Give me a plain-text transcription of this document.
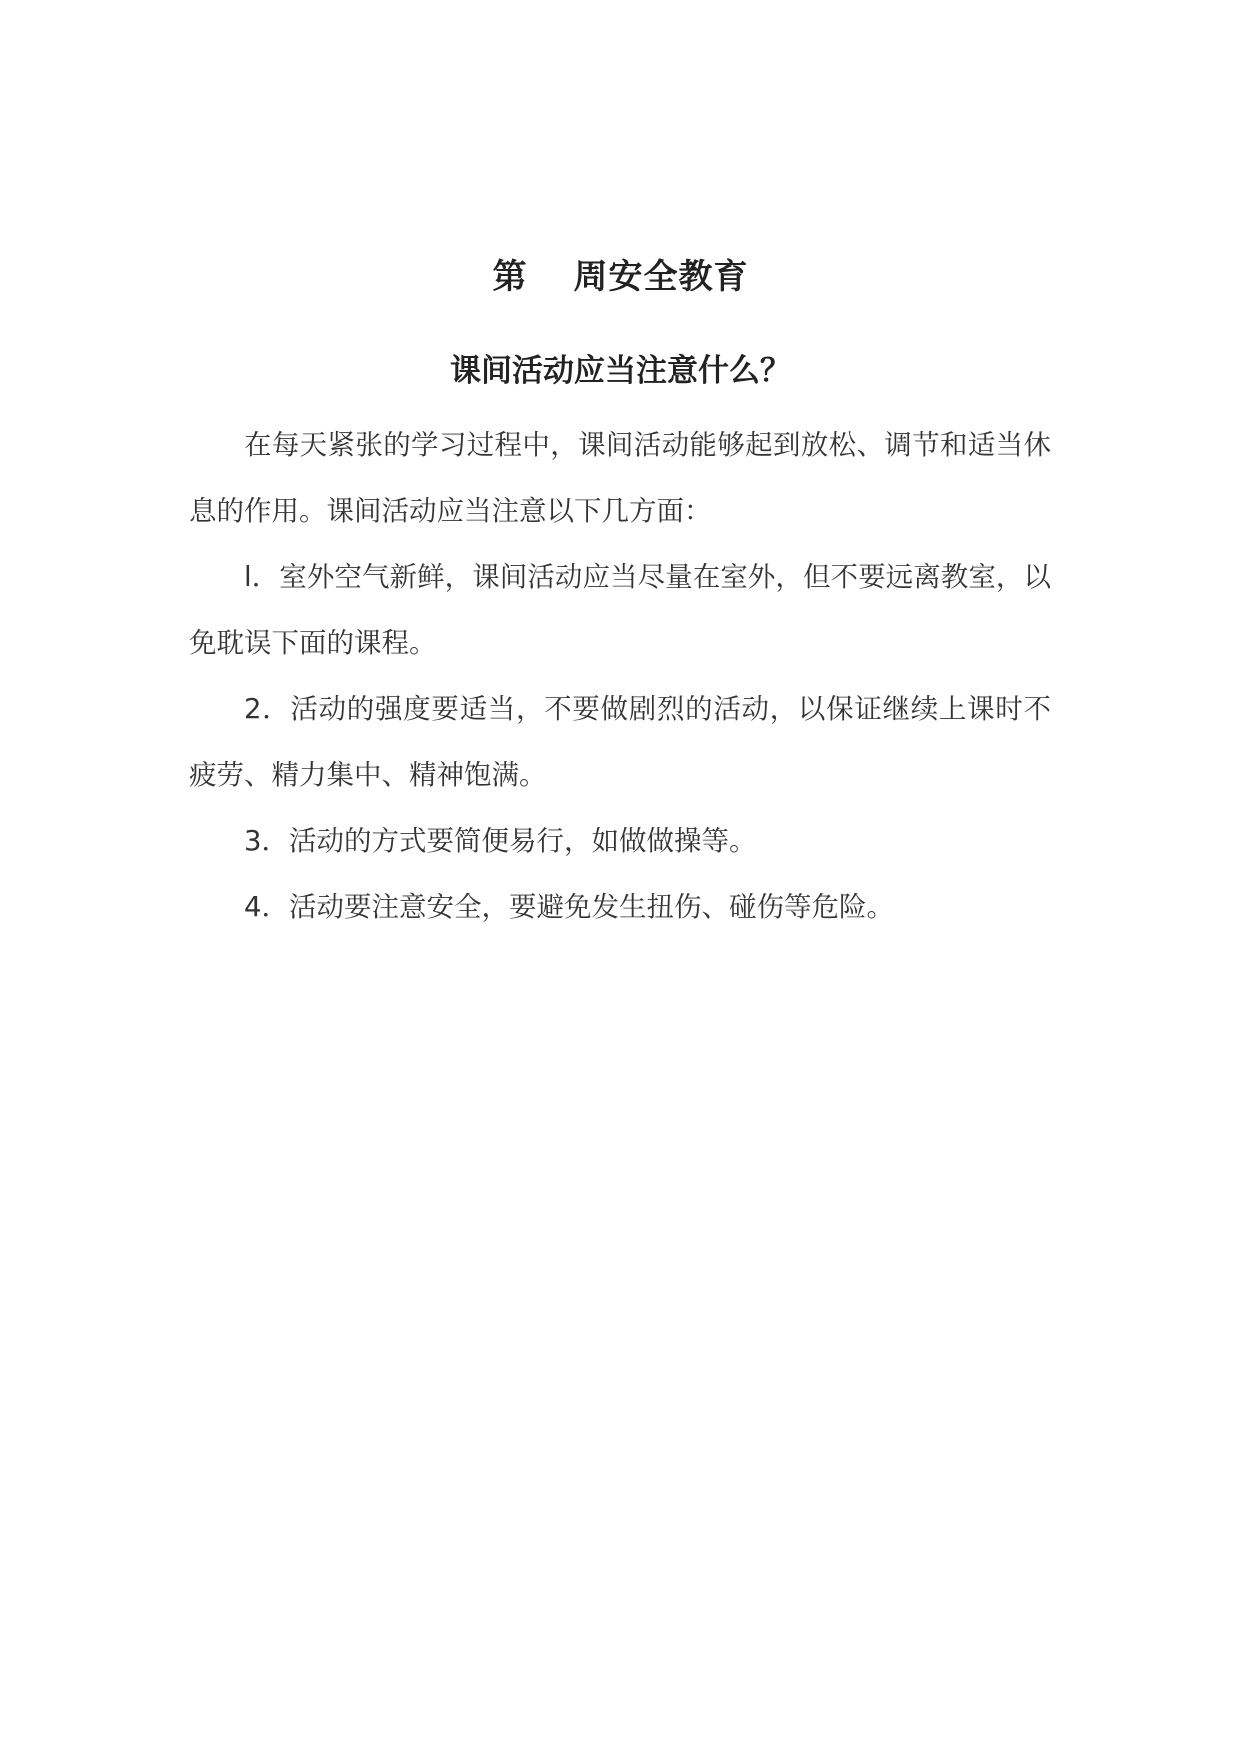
第 周安全教育
课间活动应当注意什么？

在每天紧张的学习过程中，课间活动能够起到放松、调节和适当休息的作用。课间活动应当注意以下几方面：

l．室外空气新鲜，课间活动应当尽量在室外，但不要远离教室，以免耽误下面的课程。

2．活动的强度要适当，不要做剧烈的活动，以保证继续上课时不疲劳、精力集中、精神饱满。

3．活动的方式要简便易行，如做做操等。

4．活动要注意安全，要避免发生扭伤、碰伤等危险。
